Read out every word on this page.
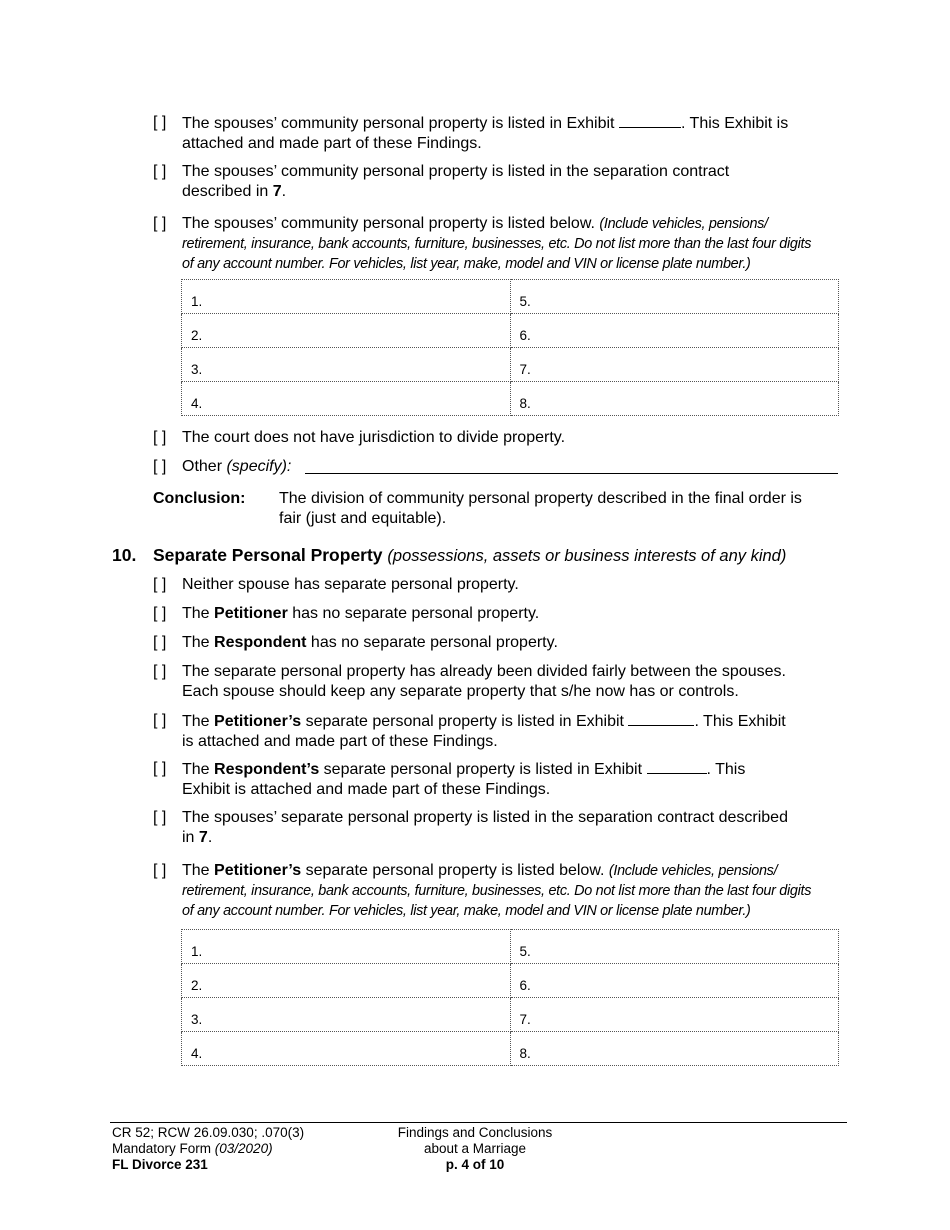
[ ] The spouses’ community personal property is listed in Exhibit	. This Exhibit is
attached and made part of these Findings.
[ ] The spouses’ community personal property is listed in the separation contract
described in 7.
[ ] The spouses’ community personal property is listed below. (Include vehicles, pensions/
retirement, insurance, bank accounts, furniture, businesses, etc. Do not list more than the last four digits
of any account number. For vehicles, list year, make, model and VIN or license plate number.)
1.	5.
2.	6.
3.	7.
4.	8.
[ ] The court does not have jurisdiction to divide property.
[ ] Other (specify):
Conclusion: The division of community personal property described in the final order is
fair (just and equitable).
10. Separate Personal Property (possessions, assets or business interests of any kind)
[ ] Neither spouse has separate personal property.
[ ] The Petitioner has no separate personal property.
[ ] The Respondent has no separate personal property.
[ ] The separate personal property has already been divided fairly between the spouses.
Each spouse should keep any separate property that s/he now has or controls.
[ ] The Petitioner’s separate personal property is listed in Exhibit	. This Exhibit
is attached and made part of these Findings.
[ ] The Respondent’s separate personal property is listed in Exhibit	. This
Exhibit is attached and made part of these Findings.
[ ] The spouses’ separate personal property is listed in the separation contract described
in 7.
[ ] The Petitioner’s separate personal property is listed below. (Include vehicles, pensions/
retirement, insurance, bank accounts, furniture, businesses, etc. Do not list more than the last four digits
of any account number. For vehicles, list year, make, model and VIN or license plate number.)
1.	5.
2.	6.
3.	7.
4.	8.
CR 52; RCW 26.09.030; .070(3)
Mandatory Form (03/2020)
FL Divorce 231
Findings and Conclusions
about a Marriage
p. 4 of 10
